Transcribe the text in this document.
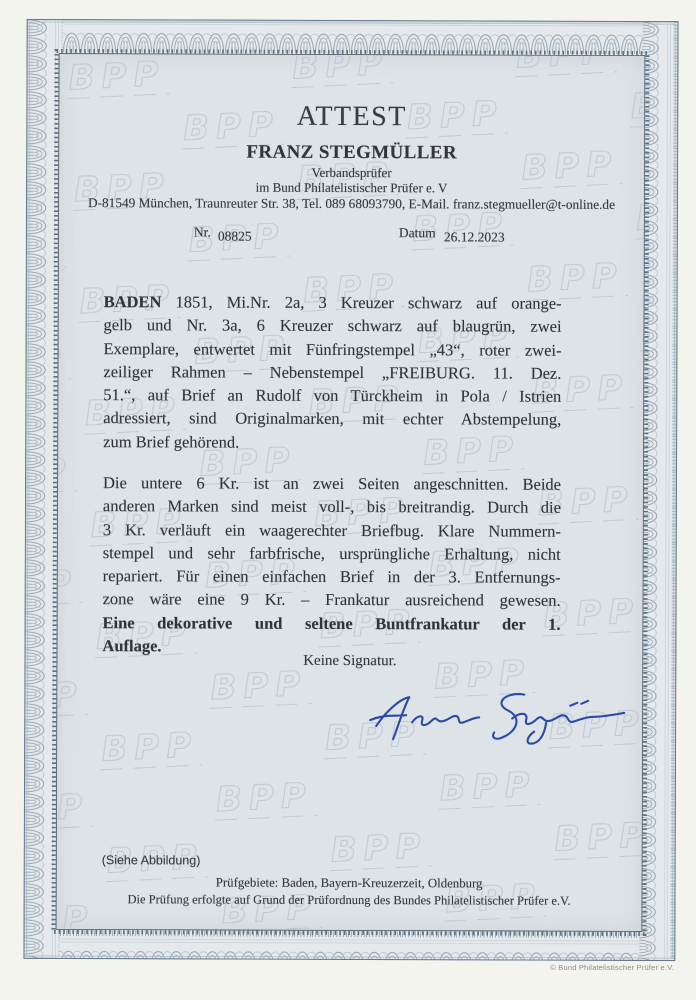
ATTEST
FRANZ STEGMÜLLER
Verbandsprüfer
im Bund Philatelistischer Prüfer e. V
D-81549 München, Traunreuter Str. 38, Tel. 089 68093790, E-Mail. franz.stegmueller@t-online.de
Nr. 08825	Datum 26.12.2023
BADEN 1851, Mi.Nr. 2a, 3 Kreuzer schwarz auf orange-
gelb und Nr. 3a, 6 Kreuzer schwarz auf blaugrün, zwei
Exemplare, entwertet mit Fünfringstempel „43“, roter zwei-
zeiliger Rahmen – Nebenstempel „FREIBURG. 11. Dez.
51.“, auf Brief an Rudolf von Türckheim in Pola / Istrien
adressiert, sind Originalmarken, mit echter Abstempelung,
zum Brief gehörend.
Die untere 6 Kr. ist an zwei Seiten angeschnitten. Beide
anderen Marken sind meist voll-, bis breitrandig. Durch die
3 Kr. verläuft ein waagerechter Briefbug. Klare Nummern-
stempel und sehr farbfrische, ursprüngliche Erhaltung, nicht
repariert. Für einen einfachen Brief in der 3. Entfernungs-
zone wäre eine 9 Kr. – Frankatur ausreichend gewesen.
Eine dekorative und seltene Buntfrankatur der 1.
Auflage.
Keine Signatur.
(Siehe Abbildung)
Prüfgebiete: Baden, Bayern-Kreuzerzeit, Oldenburg
Die Prüfung erfolgte auf Grund der Prüfordnung des Bundes Philatelistischer Prüfer e.V.
© Bund Philatelistischer Prüfer e.V.
